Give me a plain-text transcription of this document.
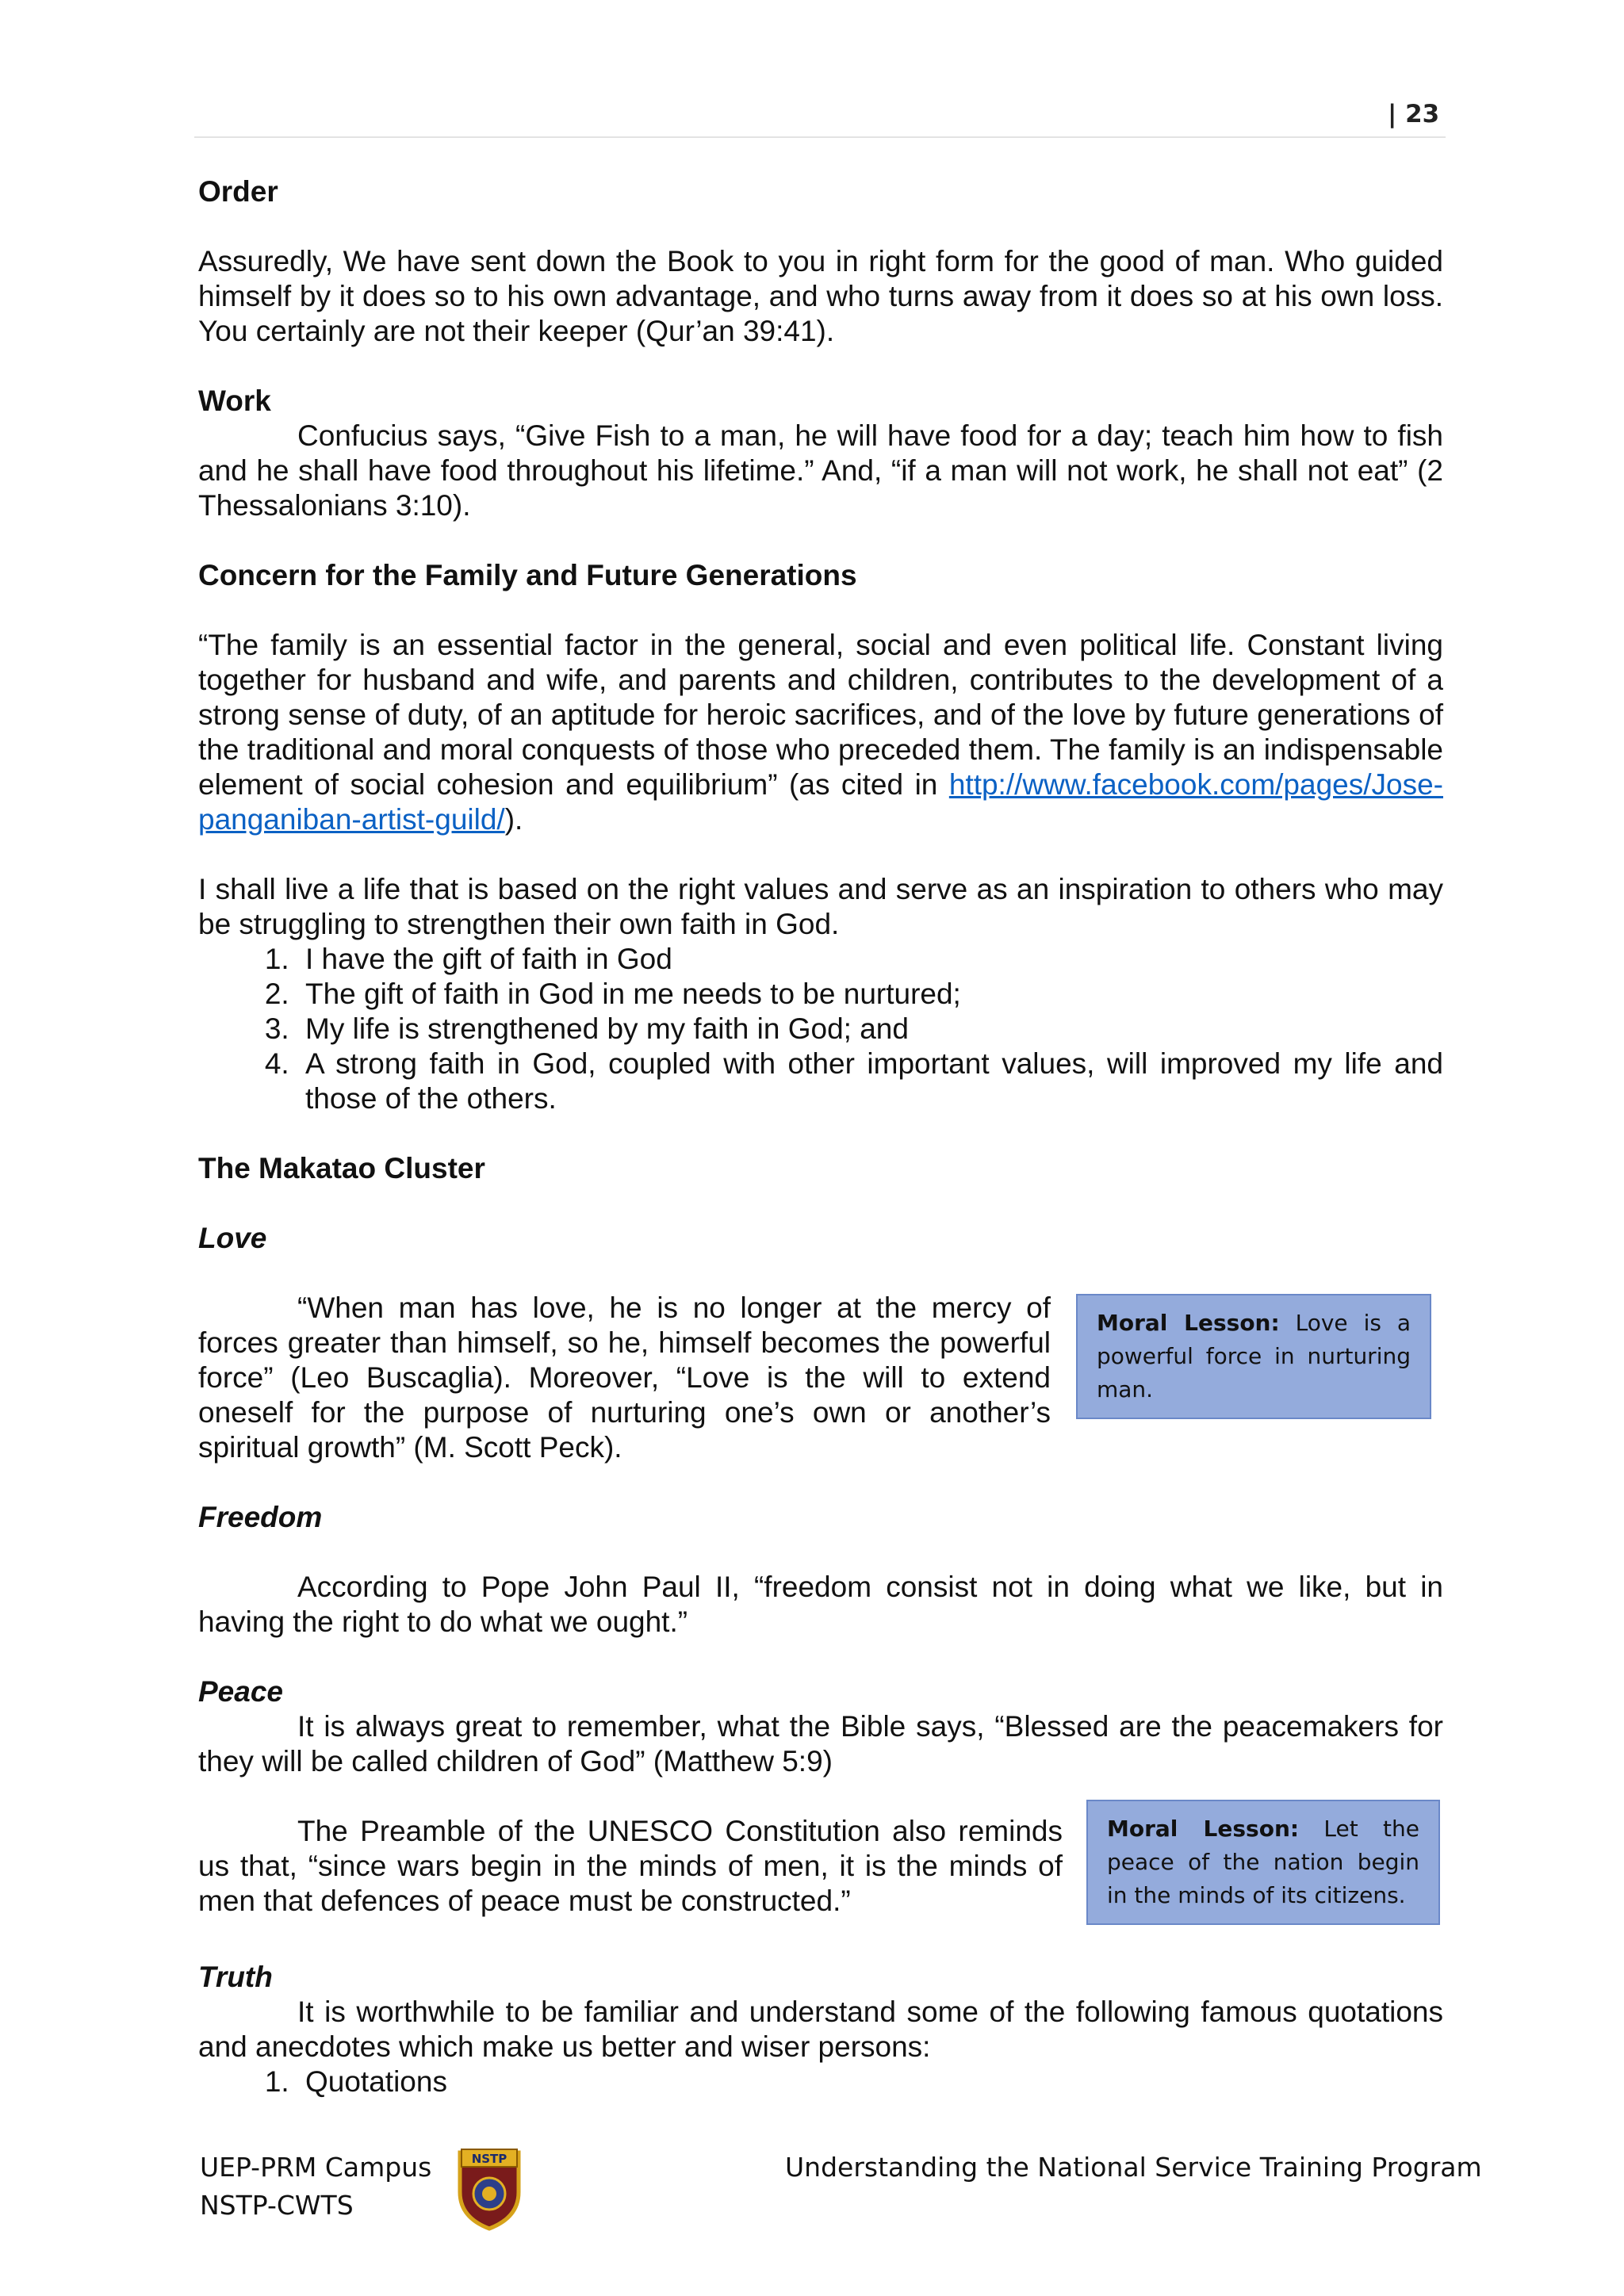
| 23

Order

Assuredly, We have sent down the Book to you in right form for the good of man. Who guided himself by it does so to his own advantage, and who turns away from it does so at his own loss. You certainly are not their keeper (Qur’an 39:41).

Work

Confucius says, “Give Fish to a man, he will have food for a day; teach him how to fish and he shall have food throughout his lifetime.” And, “if a man will not work, he shall not eat” (2 Thessalonians 3:10).

Concern for the Family and Future Generations

“The family is an essential factor in the general, social and even political life. Constant living together for husband and wife, and parents and children, contributes to the development of a strong sense of duty, of an aptitude for heroic sacrifices, and of the love by future generations of the traditional and moral conquests of those who preceded them. The family is an indispensable element of social cohesion and equilibrium” (as cited in http://www.facebook.com/pages/Jose-panganiban-artist-guild/).

I shall live a life that is based on the right values and serve as an inspiration to others who may be struggling to strengthen their own faith in God.

1. I have the gift of faith in God
2. The gift of faith in God in me needs to be nurtured;
3. My life is strengthened by my faith in God; and
4. A strong faith in God, coupled with other important values, will improved my life and those of the others.

The Makatao Cluster

Love

“When man has love, he is no longer at the mercy of forces greater than himself, so he, himself becomes the powerful force” (Leo Buscaglia). Moreover, “Love is the will to extend oneself for the purpose of nurturing one’s own or another’s spiritual growth” (M. Scott Peck).

Moral Lesson: Love is a powerful force in nurturing man.

Freedom

According to Pope John Paul II, “freedom consist not in doing what we like, but in having the right to do what we ought.”

Peace

It is always great to remember, what the Bible says, “Blessed are the peacemakers for they will be called children of God” (Matthew 5:9)

The Preamble of the UNESCO Constitution also reminds us that, “since wars begin in the minds of men, it is the minds of men that defences of peace must be constructed.”

Moral Lesson: Let the peace of the nation begin in the minds of its citizens.

Truth

It is worthwhile to be familiar and understand some of the following famous quotations and anecdotes which make us better and wiser persons:

1. Quotations
UEP-PRM Campus
NSTP-CWTS
NSTP	Understanding the National Service Training Program
